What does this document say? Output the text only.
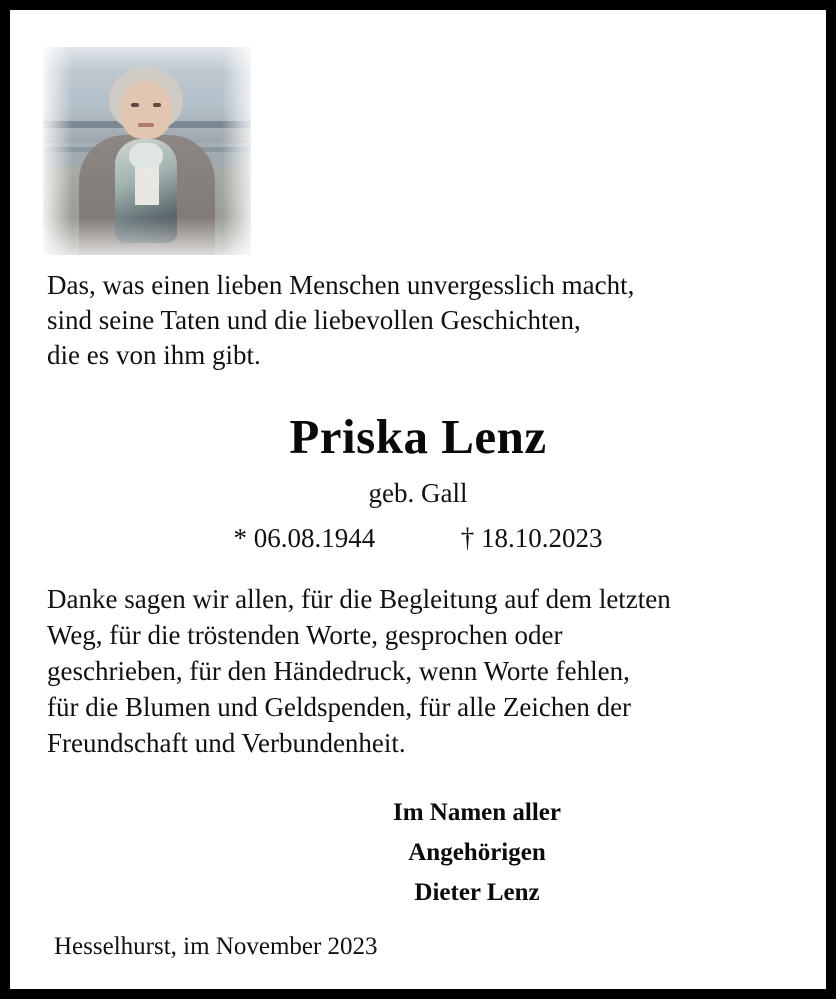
Das, was einen lieben Menschen unvergesslich macht,
sind seine Taten und die liebevollen Geschichten,
die es von ihm gibt.
Priska Lenz
geb. Gall
* 06.08.1944	† 18.10.2023
Danke sagen wir allen, für die Begleitung auf dem letzten
Weg, für die tröstenden Worte, gesprochen oder
geschrieben, für den Händedruck, wenn Worte fehlen,
für die Blumen und Geldspenden, für alle Zeichen der
Freundschaft und Verbundenheit.
Im Namen aller
Angehörigen
Dieter Lenz
Hesselhurst, im November 2023
